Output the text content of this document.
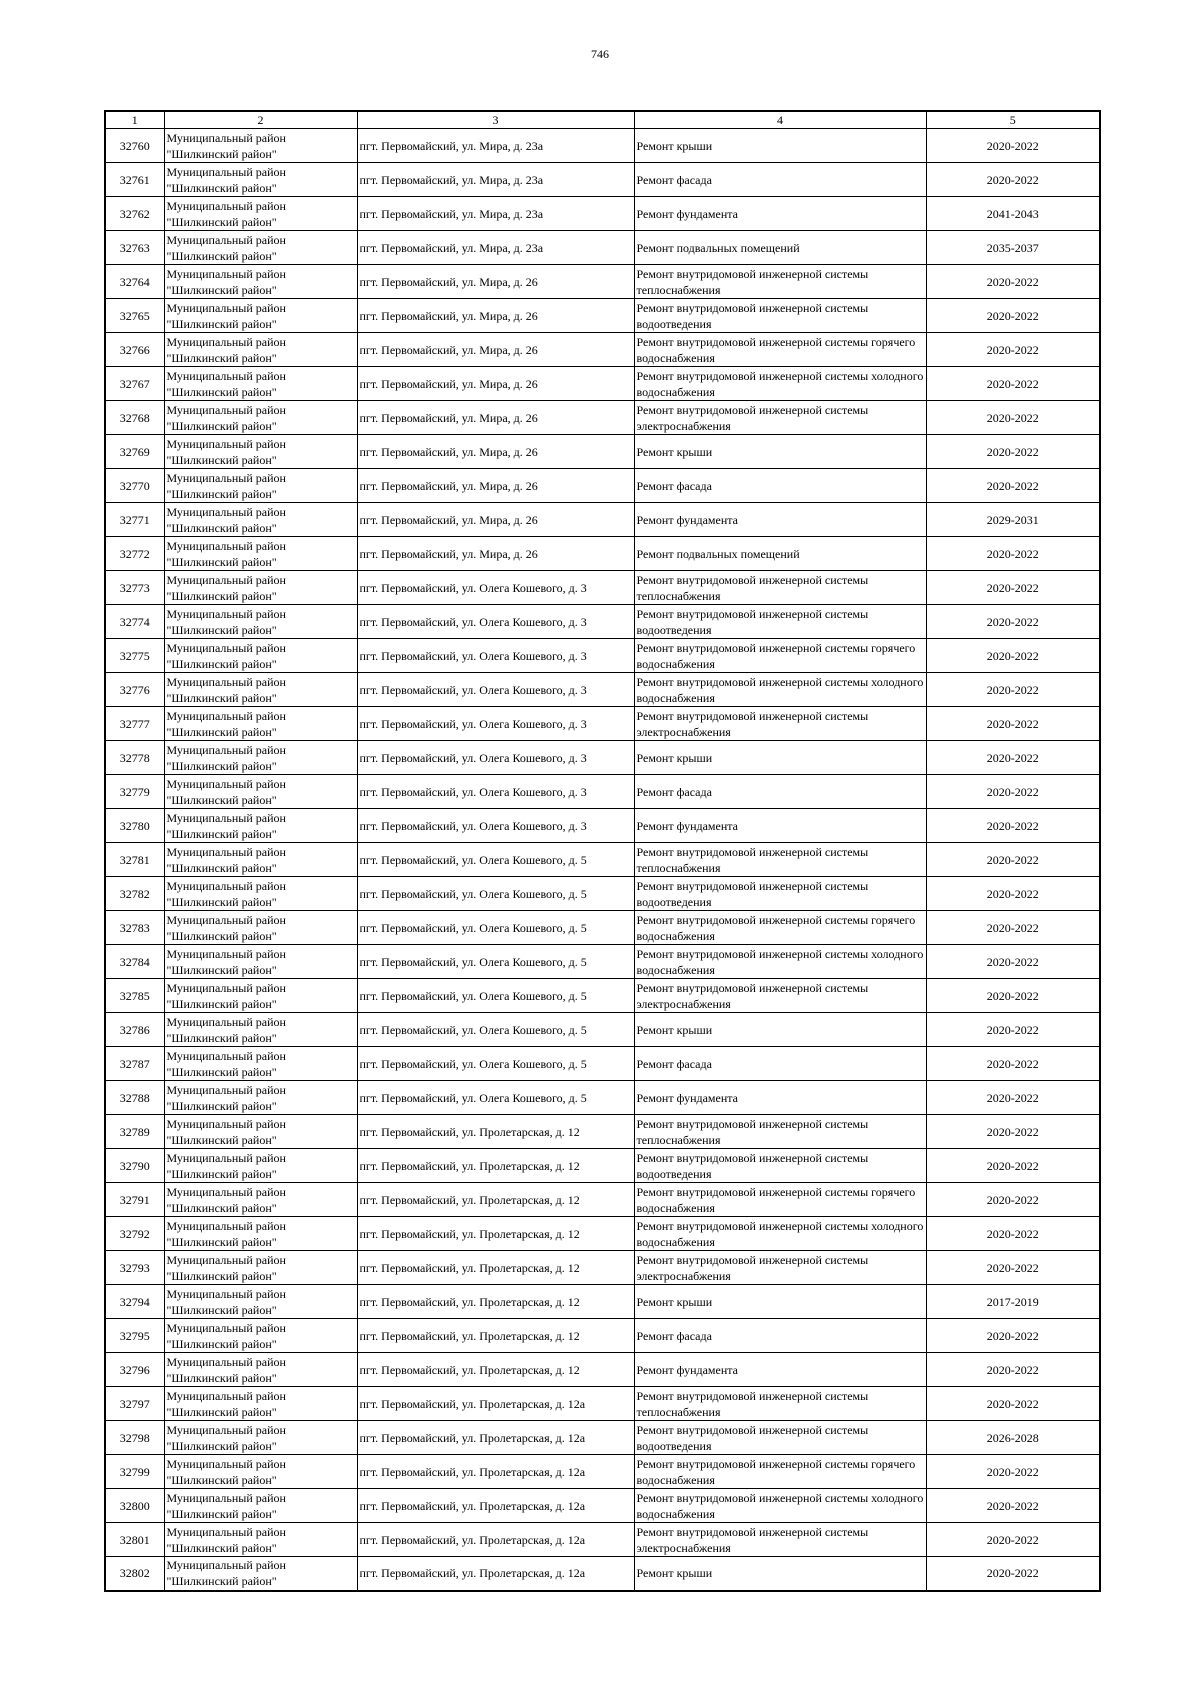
746
1	2	3	4	5
32760	Муниципальный район "Шилкинский район"	пгт. Первомайский, ул. Мира, д. 23а	Ремонт крыши	2020-2022
32761	Муниципальный район "Шилкинский район"	пгт. Первомайский, ул. Мира, д. 23а	Ремонт фасада	2020-2022
32762	Муниципальный район "Шилкинский район"	пгт. Первомайский, ул. Мира, д. 23а	Ремонт фундамента	2041-2043
32763	Муниципальный район "Шилкинский район"	пгт. Первомайский, ул. Мира, д. 23а	Ремонт подвальных помещений	2035-2037
32764	Муниципальный район "Шилкинский район"	пгт. Первомайский, ул. Мира, д. 26	Ремонт внутридомовой инженерной системы теплоснабжения	2020-2022
32765	Муниципальный район "Шилкинский район"	пгт. Первомайский, ул. Мира, д. 26	Ремонт внутридомовой инженерной системы водоотведения	2020-2022
32766	Муниципальный район "Шилкинский район"	пгт. Первомайский, ул. Мира, д. 26	Ремонт внутридомовой инженерной системы горячего водоснабжения	2020-2022
32767	Муниципальный район "Шилкинский район"	пгт. Первомайский, ул. Мира, д. 26	Ремонт внутридомовой инженерной системы холодного водоснабжения	2020-2022
32768	Муниципальный район "Шилкинский район"	пгт. Первомайский, ул. Мира, д. 26	Ремонт внутридомовой инженерной системы электроснабжения	2020-2022
32769	Муниципальный район "Шилкинский район"	пгт. Первомайский, ул. Мира, д. 26	Ремонт крыши	2020-2022
32770	Муниципальный район "Шилкинский район"	пгт. Первомайский, ул. Мира, д. 26	Ремонт фасада	2020-2022
32771	Муниципальный район "Шилкинский район"	пгт. Первомайский, ул. Мира, д. 26	Ремонт фундамента	2029-2031
32772	Муниципальный район "Шилкинский район"	пгт. Первомайский, ул. Мира, д. 26	Ремонт подвальных помещений	2020-2022
32773	Муниципальный район "Шилкинский район"	пгт. Первомайский, ул. Олега Кошевого, д. 3	Ремонт внутридомовой инженерной системы теплоснабжения	2020-2022
32774	Муниципальный район "Шилкинский район"	пгт. Первомайский, ул. Олега Кошевого, д. 3	Ремонт внутридомовой инженерной системы водоотведения	2020-2022
32775	Муниципальный район "Шилкинский район"	пгт. Первомайский, ул. Олега Кошевого, д. 3	Ремонт внутридомовой инженерной системы горячего водоснабжения	2020-2022
32776	Муниципальный район "Шилкинский район"	пгт. Первомайский, ул. Олега Кошевого, д. 3	Ремонт внутридомовой инженерной системы холодного водоснабжения	2020-2022
32777	Муниципальный район "Шилкинский район"	пгт. Первомайский, ул. Олега Кошевого, д. 3	Ремонт внутридомовой инженерной системы электроснабжения	2020-2022
32778	Муниципальный район "Шилкинский район"	пгт. Первомайский, ул. Олега Кошевого, д. 3	Ремонт крыши	2020-2022
32779	Муниципальный район "Шилкинский район"	пгт. Первомайский, ул. Олега Кошевого, д. 3	Ремонт фасада	2020-2022
32780	Муниципальный район "Шилкинский район"	пгт. Первомайский, ул. Олега Кошевого, д. 3	Ремонт фундамента	2020-2022
32781	Муниципальный район "Шилкинский район"	пгт. Первомайский, ул. Олега Кошевого, д. 5	Ремонт внутридомовой инженерной системы теплоснабжения	2020-2022
32782	Муниципальный район "Шилкинский район"	пгт. Первомайский, ул. Олега Кошевого, д. 5	Ремонт внутридомовой инженерной системы водоотведения	2020-2022
32783	Муниципальный район "Шилкинский район"	пгт. Первомайский, ул. Олега Кошевого, д. 5	Ремонт внутридомовой инженерной системы горячего водоснабжения	2020-2022
32784	Муниципальный район "Шилкинский район"	пгт. Первомайский, ул. Олега Кошевого, д. 5	Ремонт внутридомовой инженерной системы холодного водоснабжения	2020-2022
32785	Муниципальный район "Шилкинский район"	пгт. Первомайский, ул. Олега Кошевого, д. 5	Ремонт внутридомовой инженерной системы электроснабжения	2020-2022
32786	Муниципальный район "Шилкинский район"	пгт. Первомайский, ул. Олега Кошевого, д. 5	Ремонт крыши	2020-2022
32787	Муниципальный район "Шилкинский район"	пгт. Первомайский, ул. Олега Кошевого, д. 5	Ремонт фасада	2020-2022
32788	Муниципальный район "Шилкинский район"	пгт. Первомайский, ул. Олега Кошевого, д. 5	Ремонт фундамента	2020-2022
32789	Муниципальный район "Шилкинский район"	пгт. Первомайский, ул. Пролетарская, д. 12	Ремонт внутридомовой инженерной системы теплоснабжения	2020-2022
32790	Муниципальный район "Шилкинский район"	пгт. Первомайский, ул. Пролетарская, д. 12	Ремонт внутридомовой инженерной системы водоотведения	2020-2022
32791	Муниципальный район "Шилкинский район"	пгт. Первомайский, ул. Пролетарская, д. 12	Ремонт внутридомовой инженерной системы горячего водоснабжения	2020-2022
32792	Муниципальный район "Шилкинский район"	пгт. Первомайский, ул. Пролетарская, д. 12	Ремонт внутридомовой инженерной системы холодного водоснабжения	2020-2022
32793	Муниципальный район "Шилкинский район"	пгт. Первомайский, ул. Пролетарская, д. 12	Ремонт внутридомовой инженерной системы электроснабжения	2020-2022
32794	Муниципальный район "Шилкинский район"	пгт. Первомайский, ул. Пролетарская, д. 12	Ремонт крыши	2017-2019
32795	Муниципальный район "Шилкинский район"	пгт. Первомайский, ул. Пролетарская, д. 12	Ремонт фасада	2020-2022
32796	Муниципальный район "Шилкинский район"	пгт. Первомайский, ул. Пролетарская, д. 12	Ремонт фундамента	2020-2022
32797	Муниципальный район "Шилкинский район"	пгт. Первомайский, ул. Пролетарская, д. 12а	Ремонт внутридомовой инженерной системы теплоснабжения	2020-2022
32798	Муниципальный район "Шилкинский район"	пгт. Первомайский, ул. Пролетарская, д. 12а	Ремонт внутридомовой инженерной системы водоотведения	2026-2028
32799	Муниципальный район "Шилкинский район"	пгт. Первомайский, ул. Пролетарская, д. 12а	Ремонт внутридомовой инженерной системы горячего водоснабжения	2020-2022
32800	Муниципальный район "Шилкинский район"	пгт. Первомайский, ул. Пролетарская, д. 12а	Ремонт внутридомовой инженерной системы холодного водоснабжения	2020-2022
32801	Муниципальный район "Шилкинский район"	пгт. Первомайский, ул. Пролетарская, д. 12а	Ремонт внутридомовой инженерной системы электроснабжения	2020-2022
32802	Муниципальный район "Шилкинский район"	пгт. Первомайский, ул. Пролетарская, д. 12а	Ремонт крыши	2020-2022
